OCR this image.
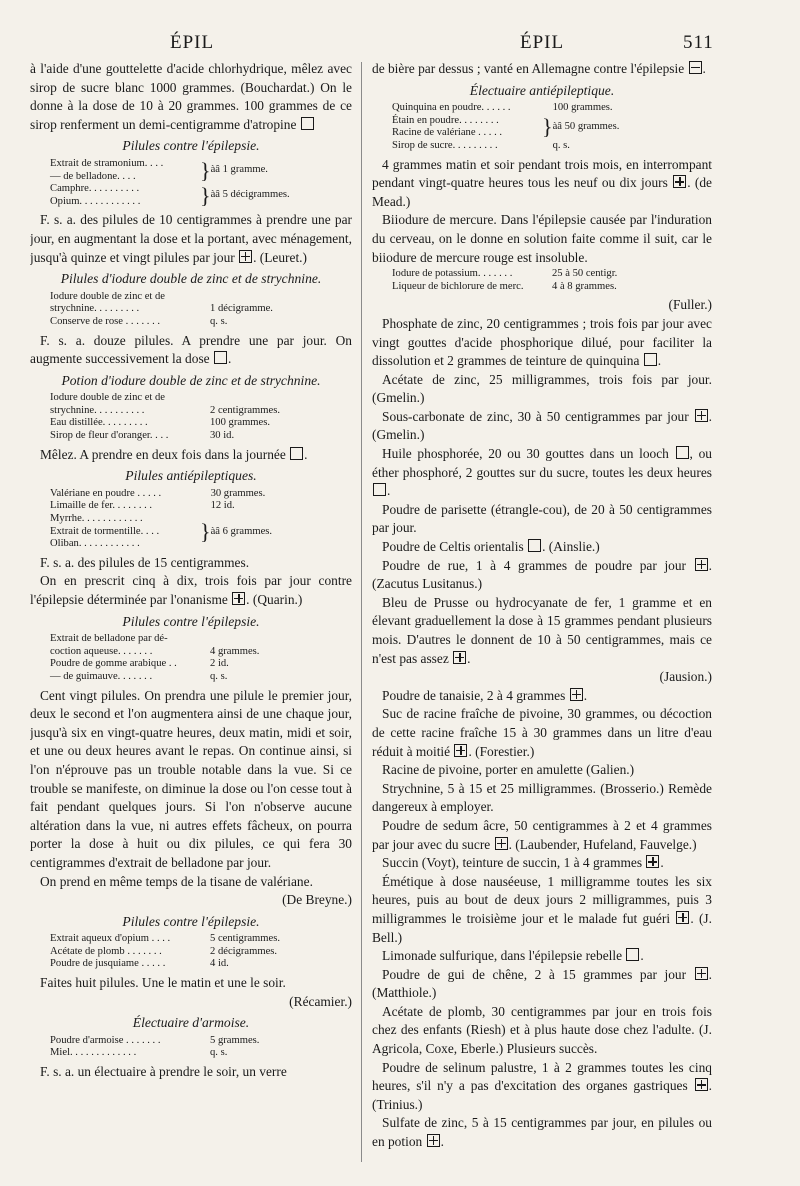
ÉPIL	ÉPIL	511

à l'aide d'une gouttelette d'acide chlorhydrique, mêlez avec sirop de sucre blanc 1000 grammes. (Bouchardat.) On le donne à la dose de 10 à 20 grammes. 100 grammes de ce sirop renferment un demi-centigramme d'atropine

Pilules contre l'épilepsie.
Extrait de stramonium. . . .	}	àâ 1 gramme.
— de belladone. . . .		
Camphre. . . . . . . . . .	}	àâ 5 décigrammes.
Opium. . . . . . . . . . . .		

F. s. a. des pilules de 10 centigrammes à prendre une par jour, en augmentant la dose et la portant, avec ménagement, jusqu'à quinze et vingt pilules par jour . (Leuret.)

Pilules d'iodure double de zinc et de strychnine.
Iodure double de zinc et de		
strychnine. . . . . . . . .		1 décigramme.
Conserve de rose . . . . . . .		q. s.

F. s. a. douze pilules. A prendre une par jour. On augmente successivement la dose .

Potion d'iodure double de zinc et de strychnine.
Iodure double de zinc et de		
strychnine. . . . . . . . . .		2 centigrammes.
Eau distillée. . . . . . . . .		100 grammes.
Sirop de fleur d'oranger. . . .		30 id.

Mêlez. A prendre en deux fois dans la journée .

Pilules antiépileptiques.
Valériane en poudre . . . . .		30 grammes.
Limaille de fer. . . . . . . .		12 id.
Myrrhe. . . . . . . . . . . .	}	àâ 6 grammes.
Extrait de tormentille. . . .		
Oliban. . . . . . . . . . . .		

F. s. a. des pilules de 15 centigrammes.

On en prescrit cinq à dix, trois fois par jour contre l'épilepsie déterminée par l'onanisme . (Quarin.)

Pilules contre l'épilepsie.
Extrait de belladone par dé-		
coction aqueuse. . . . . . .		4 grammes.
Poudre de gomme arabique . .		2 id.
— de guimauve. . . . . . .		q. s.

Cent vingt pilules. On prendra une pilule le premier jour, deux le second et l'on augmentera ainsi de une chaque jour, jusqu'à six en vingt-quatre heures, deux matin, midi et soir, et une ou deux heures avant le repas. On continue ainsi, si l'on n'éprouve pas un trouble notable dans la vue. Si ce trouble se manifeste, on diminue la dose ou l'on cesse tout à fait pendant quelques jours. Si l'on n'observe aucune altération dans la vue, ni autres effets fâcheux, on pourra porter la dose à huit ou dix pilules, ce qui fera 30 centigrammes d'extrait de belladone par jour.

On prend en même temps de la tisane de valériane.

(De Breyne.)

Pilules contre l'épilepsie.
Extrait aqueux d'opium . . . .		5 centigrammes.
Acétate de plomb . . . . . . .		2 décigrammes.
Poudre de jusquiame . . . . .		4 id.

Faites huit pilules. Une le matin et une le soir.

(Récamier.)

Électuaire d'armoise.
Poudre d'armoise . . . . . . .		5 grammes.
Miel. . . . . . . . . . . . .		q. s.

F. s. a. un électuaire à prendre le soir, un verre

de bière par dessus ; vanté en Allemagne contre l'épilepsie .

Électuaire antiépileptique.
Quinquina en poudre. . . . . .		100 grammes.
Étain en poudre. . . . . . . .	}	àâ 50 grammes.
Racine de valériane . . . . .		
Sirop de sucre. . . . . . . . .		q. s.

4 grammes matin et soir pendant trois mois, en interrompant pendant vingt-quatre heures tous les neuf ou dix jours . (de Mead.)

Biiodure de mercure. Dans l'épilepsie causée par l'induration du cerveau, on le donne en solution faite comme il suit, car le biiodure de mercure rouge est insoluble.

Iodure de potassium. . . . . . .		25 à 50 centigr.
Liqueur de bichlorure de merc.		4 à 8 grammes.

(Fuller.)

Phosphate de zinc, 20 centigrammes ; trois fois par jour avec vingt gouttes d'acide phosphorique dilué, pour faciliter la dissolution et 2 grammes de teinture de quinquina .

Acétate de zinc, 25 milligrammes, trois fois par jour. (Gmelin.)

Sous-carbonate de zinc, 30 à 50 centigrammes par jour . (Gmelin.)

Huile phosphorée, 20 ou 30 gouttes dans un looch , ou éther phosphoré, 2 gouttes sur du sucre, toutes les deux heures .

Poudre de parisette (étrangle-cou), de 20 à 50 centigrammes par jour.

Poudre de Celtis orientalis . (Ainslie.)

Poudre de rue, 1 à 4 grammes de poudre par jour . (Zacutus Lusitanus.)

Bleu de Prusse ou hydrocyanate de fer, 1 gramme et en élevant graduellement la dose à 15 grammes pendant plusieurs mois. D'autres le donnent de 10 à 50 centigrammes, mais ce n'est pas assez .

(Jausion.)

Poudre de tanaisie, 2 à 4 grammes .

Suc de racine fraîche de pivoine, 30 grammes, ou décoction de cette racine fraîche 15 à 30 grammes dans un litre d'eau réduit à moitié . (Forestier.)

Racine de pivoine, porter en amulette (Galien.)

Strychnine, 5 à 15 et 25 milligrammes. (Brosserio.) Remède dangereux à employer.

Poudre de sedum âcre, 50 centigrammes à 2 et 4 grammes par jour avec du sucre . (Laubender, Hufeland, Fauvelge.)

Succin (Voyt), teinture de succin, 1 à 4 grammes .

Émétique à dose nauséeuse, 1 milligramme toutes les six heures, puis au bout de deux jours 2 milligrammes, puis 3 milligrammes le troisième jour et le malade fut guéri . (J. Bell.)

Limonade sulfurique, dans l'épilepsie rebelle .

Poudre de gui de chêne, 2 à 15 grammes par jour . (Matthiole.)

Acétate de plomb, 30 centigrammes par jour en trois fois chez des enfants (Riesh) et à plus haute dose chez l'adulte. (J. Agricola, Coxe, Eberle.) Plusieurs succès.

Poudre de selinum palustre, 1 à 2 grammes toutes les cinq heures, s'il n'y a pas d'excitation des organes gastriques . (Trinius.)

Sulfate de zinc, 5 à 15 centigrammes par jour, en pilules ou en potion .
